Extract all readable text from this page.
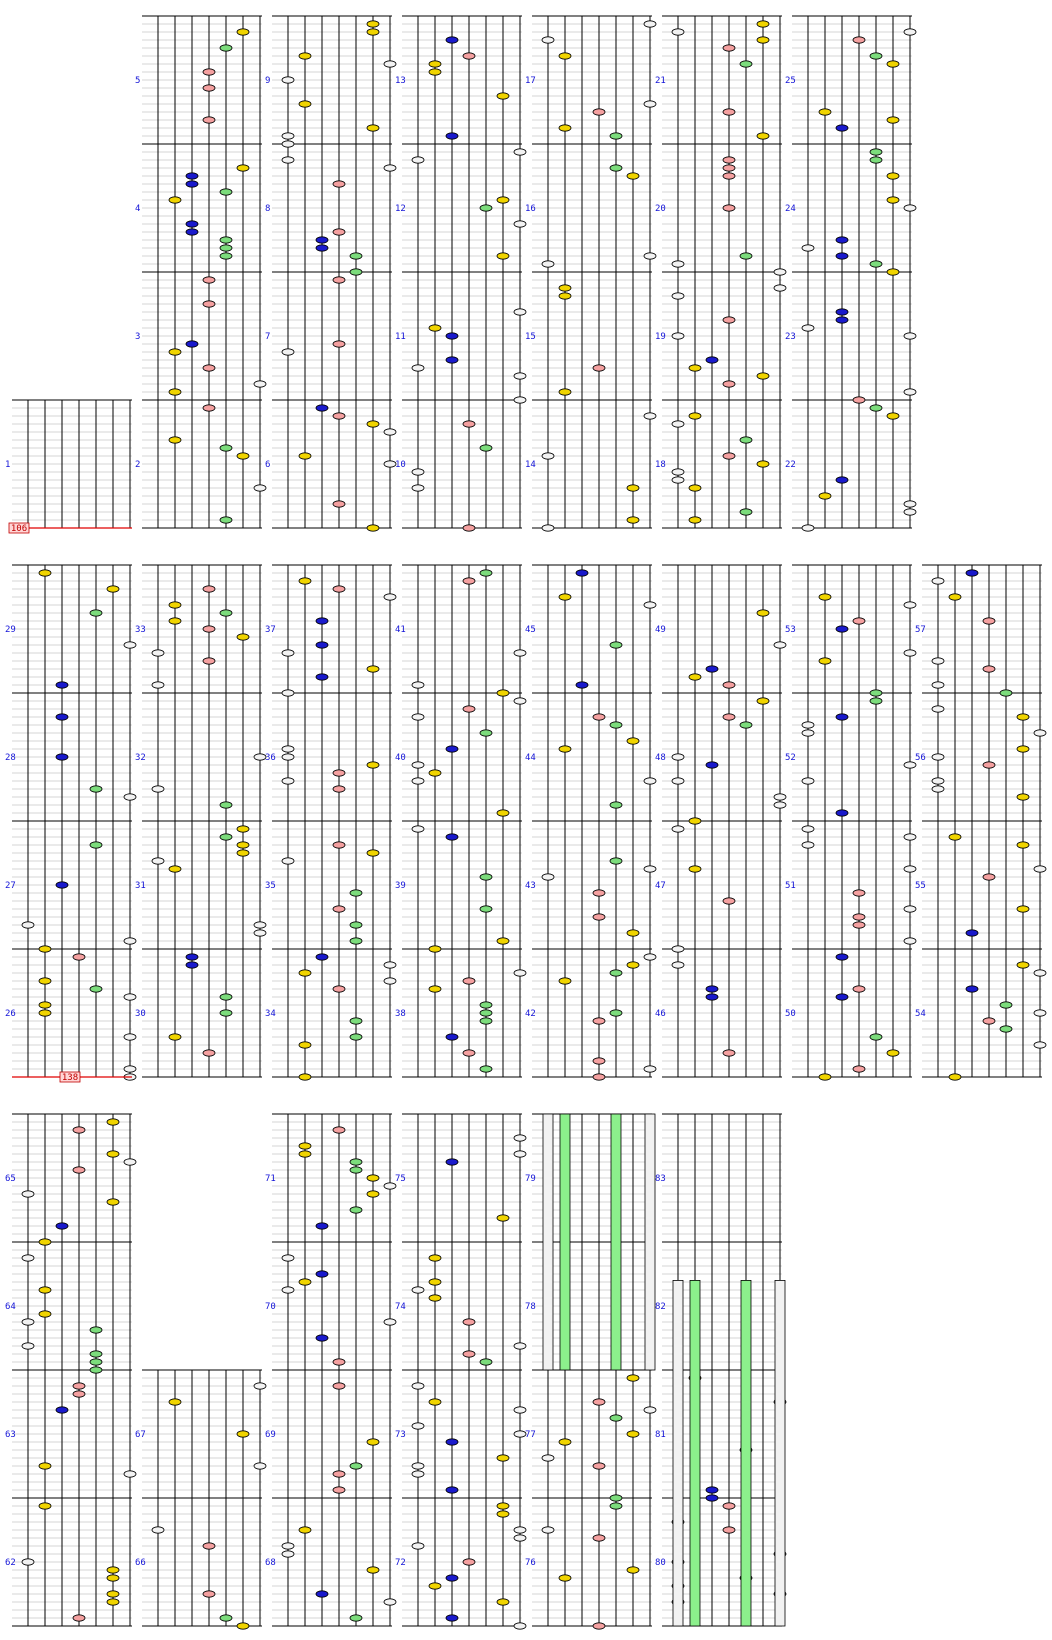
1
106
2
3
4
5
6
7
8
9
10
11
12
13
14
15
16
17
18
19
20
21
22
23
24
25
26
27
28
29
138
30
31
32
33
34
35
36
37
38
39
40
41
42
43
44
45
46
47
48
49
50
51
52
53
54
55
56
57
62
63
64
65
66
67
68
69
70
71
72
73
74
75
76
77
78
79
80
81
82
83
